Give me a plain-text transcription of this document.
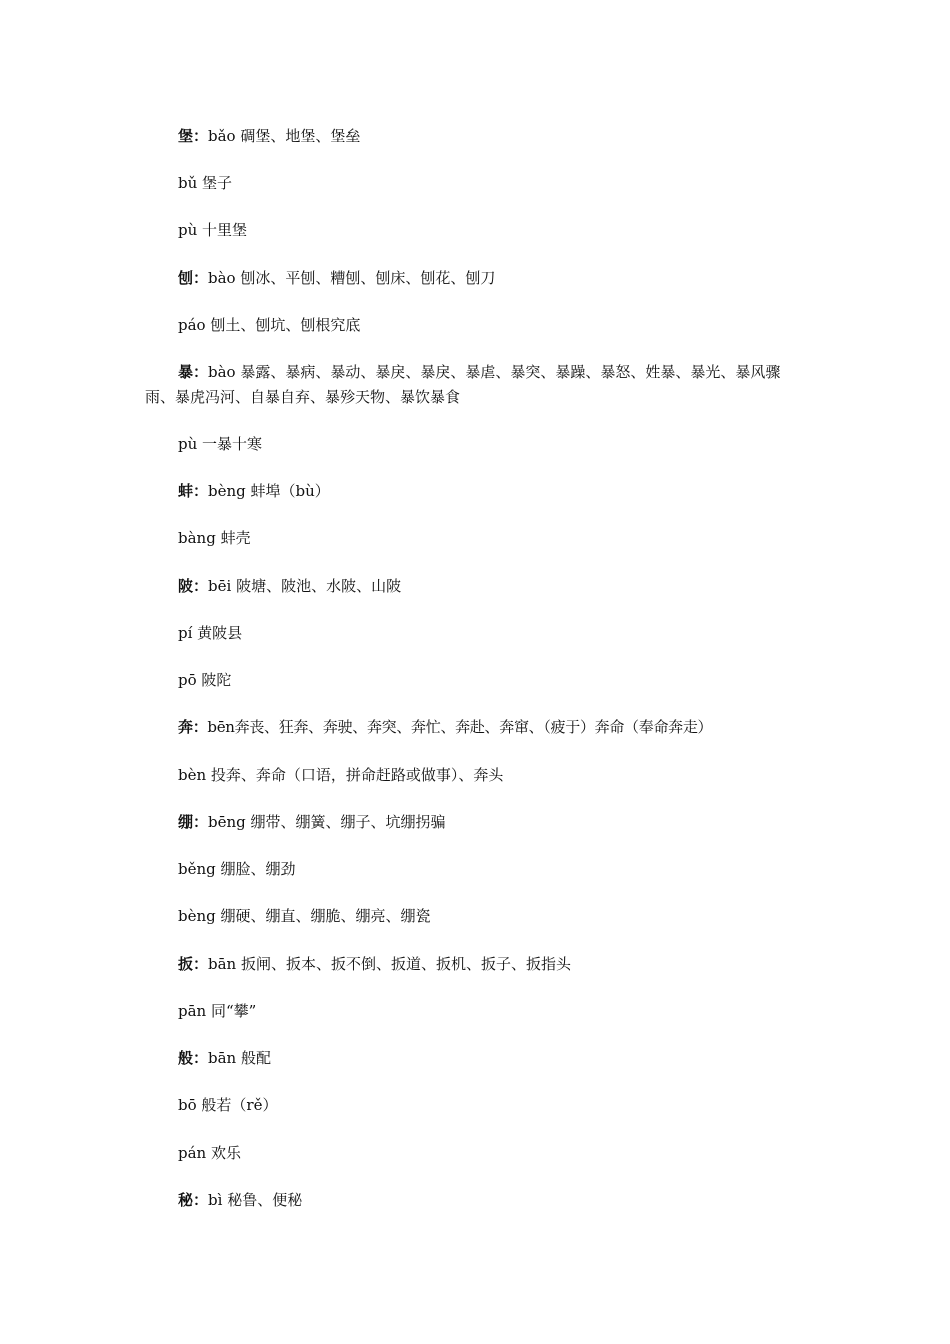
堡：bǎo 碉堡、地堡、堡垒

bǔ 堡子

pù 十里堡

刨：bào 刨冰、平刨、糟刨、刨床、刨花、刨刀

páo 刨土、刨坑、刨根究底

暴：bào 暴露、暴病、暴动、暴戾、暴戾、暴虐、暴突、暴躁、暴怒、姓暴、暴光、暴风骤雨、暴虎冯河、自暴自弃、暴殄天物、暴饮暴食

pù 一暴十寒

蚌：bèng 蚌埠（bù）

bàng 蚌壳

陂：bēi 陂塘、陂池、水陂、山陂

pí 黄陂县

pō 陂陀

奔：bēn奔丧、狂奔、奔驶、奔突、奔忙、奔赴、奔窜、（疲于）奔命（奉命奔走）

bèn 投奔、奔命（口语，拼命赶路或做事）、奔头

绷：bēng 绷带、绷簧、绷子、坑绷拐骗

běng 绷脸、绷劲

bèng 绷硬、绷直、绷脆、绷亮、绷瓷

扳：bān 扳闸、扳本、扳不倒、扳道、扳机、扳子、扳指头

pān 同“攀”

般：bān 般配

bō 般若（rě）

pán 欢乐

秘：bì 秘鲁、便秘
